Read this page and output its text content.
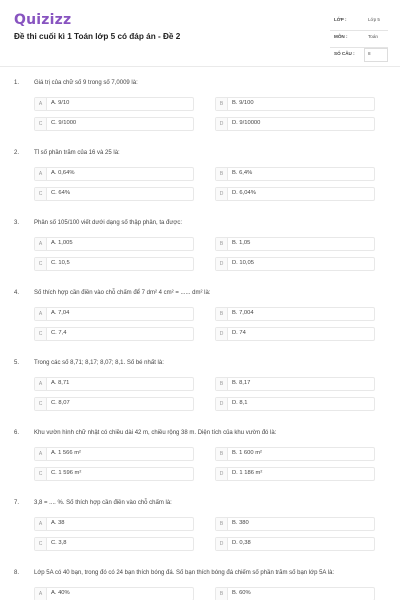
Quizizz
Đề thi cuối kì 1 Toán lớp 5 có đáp án - Đề 2
LỚP :	Lớp 5
MÔN :	Toán
SỐ CÂU :	8
1. Giá trị của chữ số 9 trong số 7,0009 là:
A	A. 9/10	B	B. 9/100
C	C. 9/1000	D	D. 9/10000
2. Tỉ số phần trăm của 16 và 25 là:
A	A. 0,64%	B	B. 6,4%
C	C. 64%	D	D. 6,04%
3. Phân số 105/100 viết dưới dạng số thập phân, ta được:
A	A. 1,005	B	B. 1,05
C	C. 10,5	D	D. 10,05
4. Số thích hợp cần điền vào chỗ chấm để 7 dm² 4 cm² = ...... dm² là:
A	A. 7,04	B	B. 7,004
C	C. 7,4	D	D. 74
5. Trong các số 8,71; 8,17; 8,07; 8,1. Số bé nhất là:
A	A. 8,71	B	B. 8,17
C	C. 8,07	D	D. 8,1
6. Khu vườn hình chữ nhật có chiều dài 42 m, chiều rộng 38 m. Diện tích của khu vườn đó là:
A	A. 1 566 m²	B	B. 1 600 m²
C	C. 1 596 m²	D	D. 1 186 m²
7. 3,8 = .... %. Số thích hợp cần điền vào chỗ chấm là:
A	A. 38	B	B. 380
C	C. 3,8	D	D. 0,38
8. Lớp 5A có 40 bạn, trong đó có 24 bạn thích bóng đá. Số bạn thích bóng đá chiếm số phần trăm số bạn lớp 5A là:
A	A. 40%	B	B. 60%
